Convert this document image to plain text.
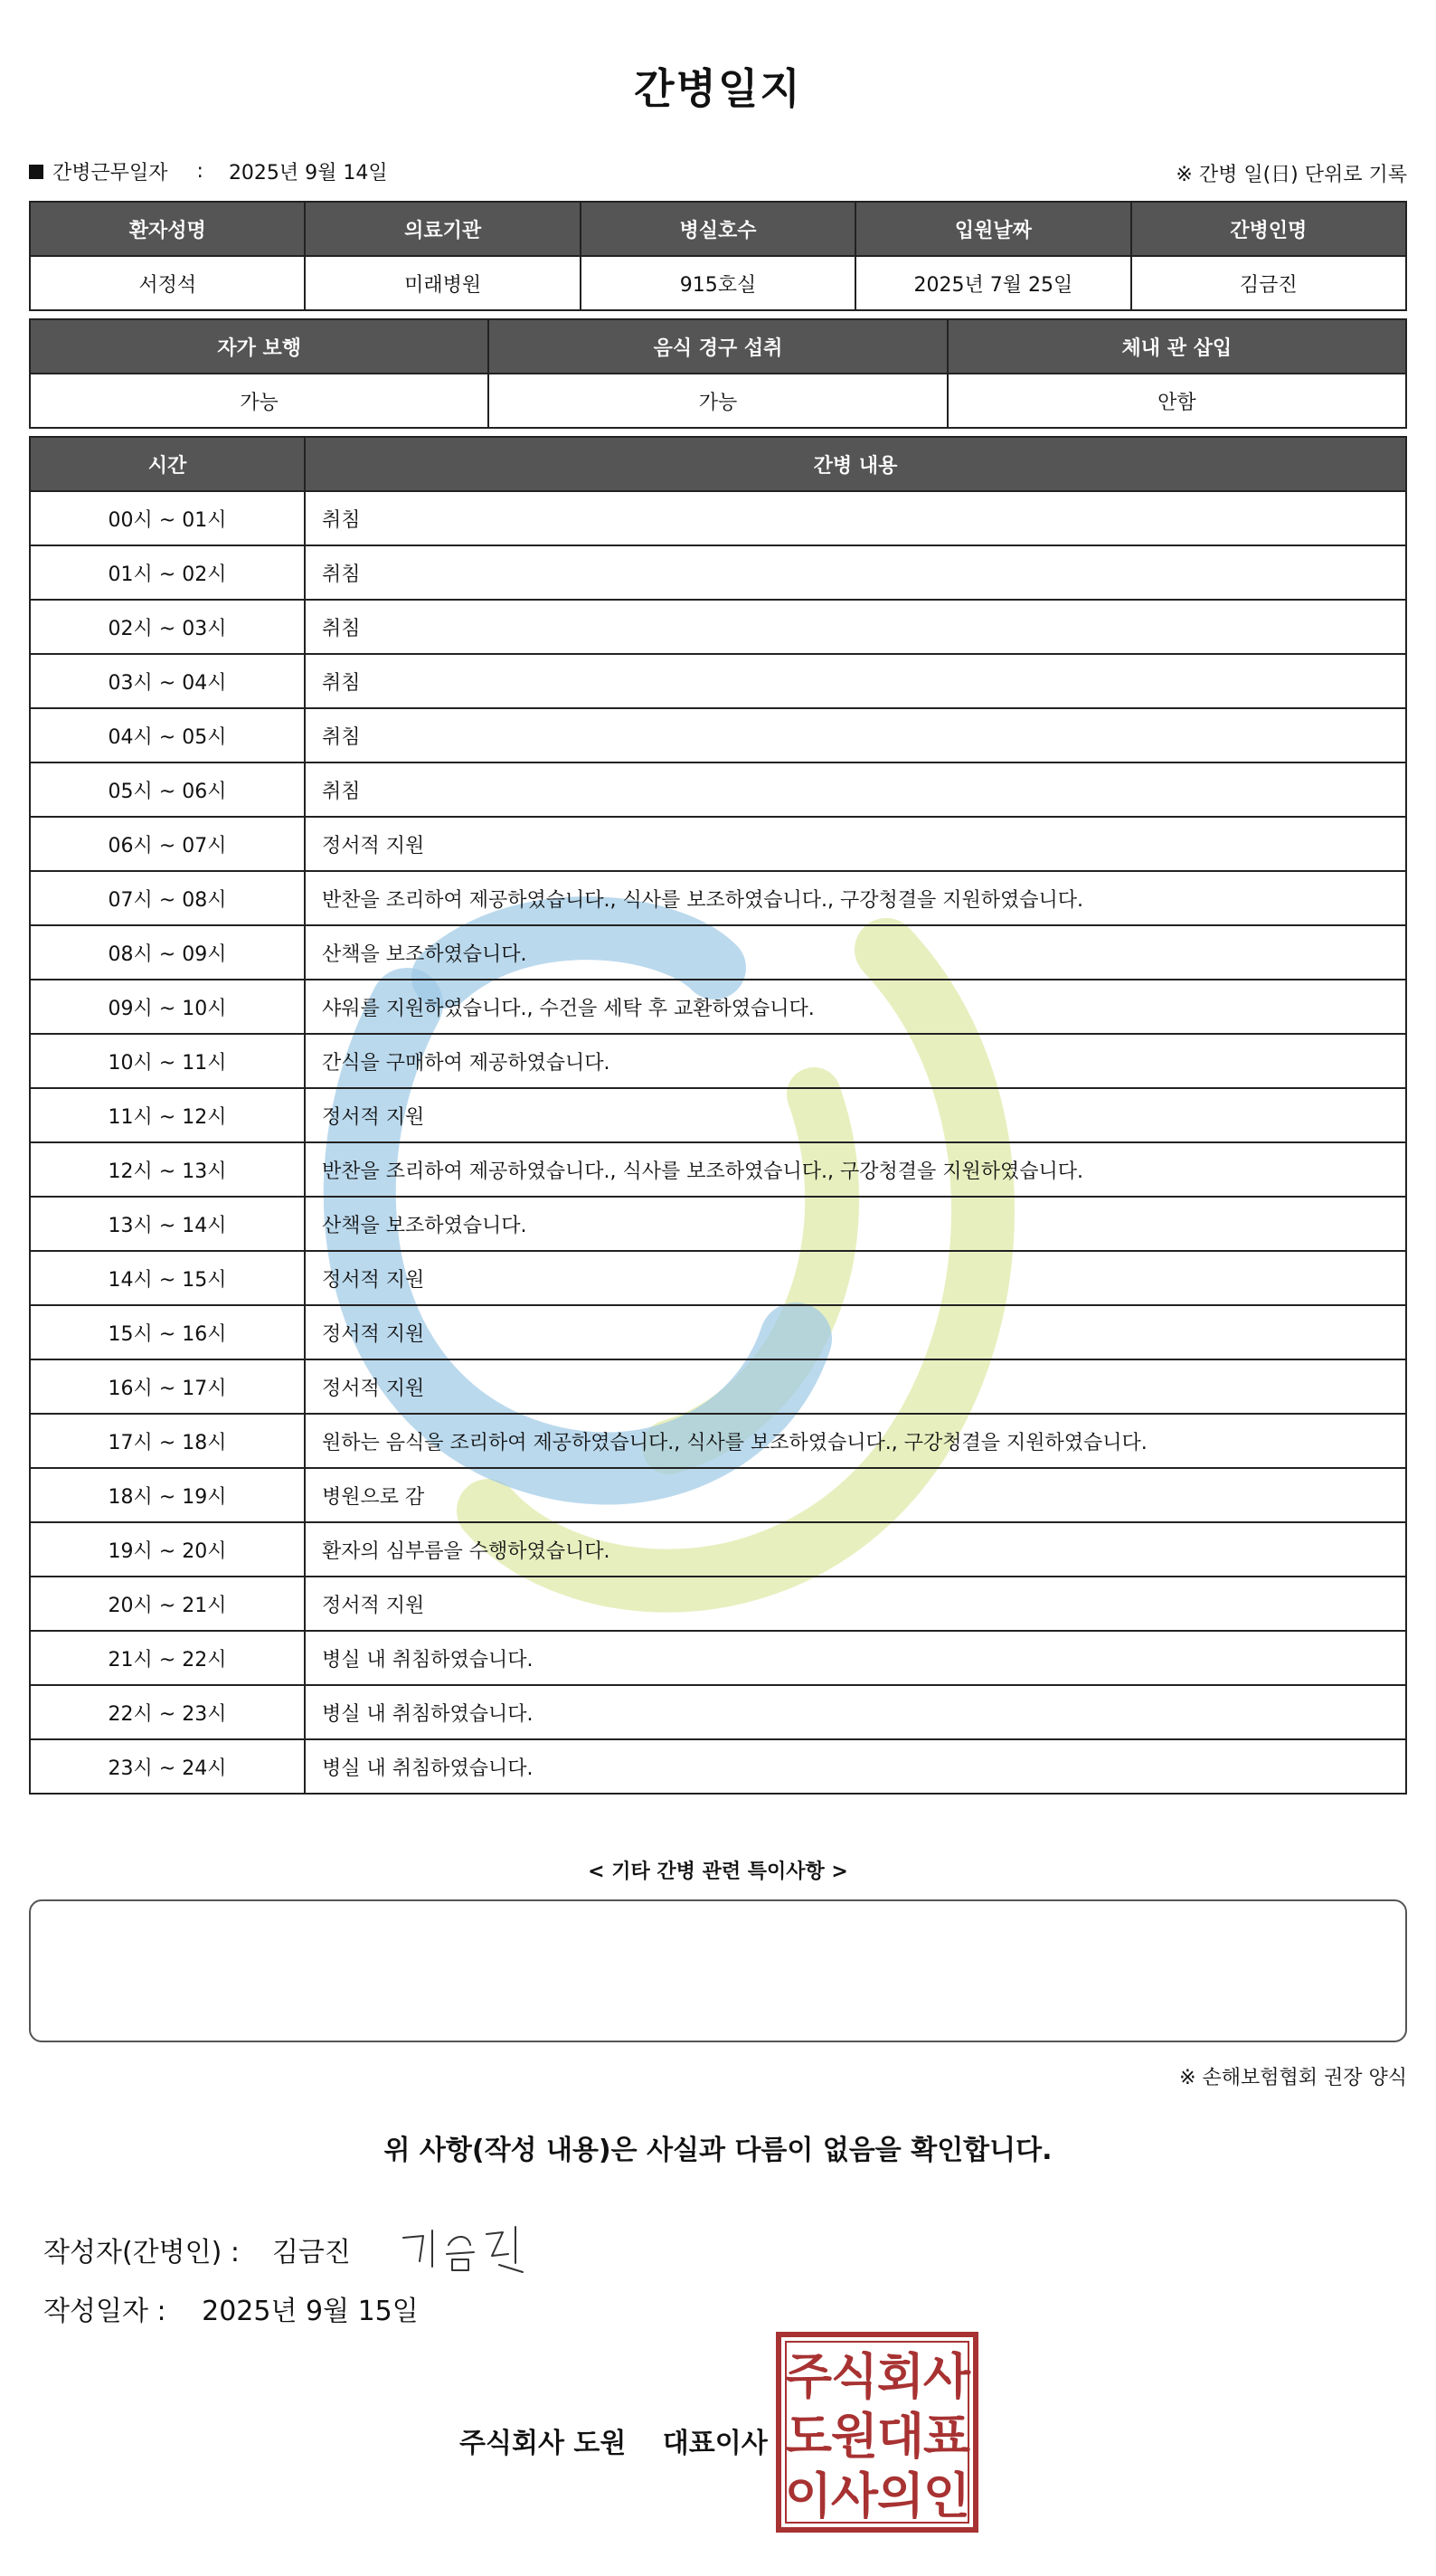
간병일지
간병근무일자 : 2025년 9월 14일	※ 간병 일(日) 단위로 기록
환자성명	의료기관	병실호수	입원날짜	간병인명
서정석	미래병원	915호실	2025년 7월 25일	김금진
자가 보행	음식 경구 섭취	체내 관 삽입
가능	가능	안함
시간	간병 내용
00시 ~ 01시	취침
01시 ~ 02시	취침
02시 ~ 03시	취침
03시 ~ 04시	취침
04시 ~ 05시	취침
05시 ~ 06시	취침
06시 ~ 07시	정서적 지원
07시 ~ 08시	반찬을 조리하여 제공하였습니다., 식사를 보조하였습니다., 구강청결을 지원하였습니다.
08시 ~ 09시	산책을 보조하였습니다.
09시 ~ 10시	샤워를 지원하였습니다., 수건을 세탁 후 교환하였습니다.
10시 ~ 11시	간식을 구매하여 제공하였습니다.
11시 ~ 12시	정서적 지원
12시 ~ 13시	반찬을 조리하여 제공하였습니다., 식사를 보조하였습니다., 구강청결을 지원하였습니다.
13시 ~ 14시	산책을 보조하였습니다.
14시 ~ 15시	정서적 지원
15시 ~ 16시	정서적 지원
16시 ~ 17시	정서적 지원
17시 ~ 18시	원하는 음식을 조리하여 제공하였습니다., 식사를 보조하였습니다., 구강청결을 지원하였습니다.
18시 ~ 19시	병원으로 감
19시 ~ 20시	환자의 심부름을 수행하였습니다.
20시 ~ 21시	정서적 지원
21시 ~ 22시	병실 내 취침하였습니다.
22시 ~ 23시	병실 내 취침하였습니다.
23시 ~ 24시	병실 내 취침하였습니다.
< 기타 간병 관련 특이사항 >
※ 손해보험협회 권장 양식
위 사항(작성 내용)은 사실과 다름이 없음을 확인합니다.
작성자(간병인) : 김금진
작성일자 : 2025년 9월 15일
주식회사 도원 대표이사
주
식
회
사
도
원
대
표
이
사
의
인
